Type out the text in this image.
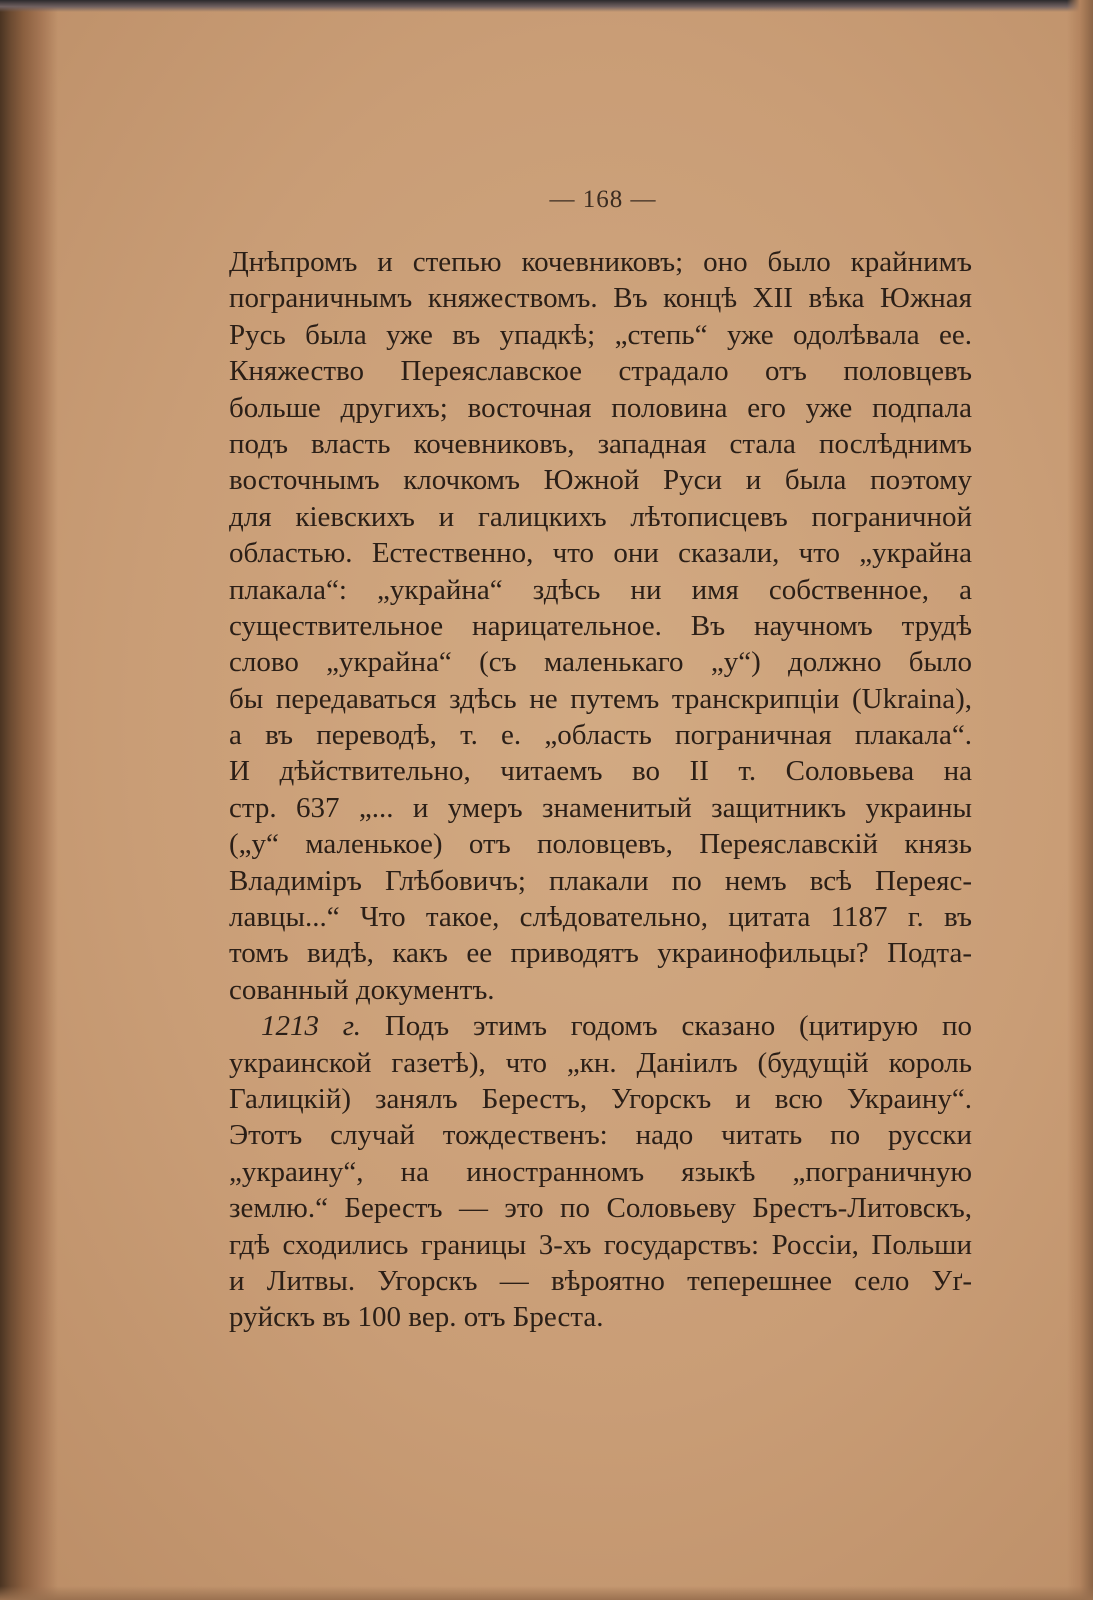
— 168 —
Днѣпромъ и степью кочевниковъ; оно было крайнимъ
пограничнымъ княжествомъ. Въ концѣ XII вѣка Южная
Русь была уже въ упадкѣ; „степь“ уже одолѣвала ее.
Княжество Переяславское страдало отъ половцевъ
больше другихъ; восточная половина его уже подпала
подъ власть кочевниковъ, западная стала послѣднимъ
восточнымъ клочкомъ Южной Руси и была поэтому
для кіевскихъ и галицкихъ лѣтописцевъ пограничной
областью. Естественно, что они сказали, что „украйна
плакала“: „украйна“ здѣсь ни имя собственное, а
существительное нарицательное. Въ научномъ трудѣ
слово „украйна“ (съ маленькаго „у“) должно было
бы передаваться здѣсь не путемъ транскрипціи (Ukraina),
а въ переводѣ, т. е. „область пограничная плакала“.
И дѣйствительно, читаемъ во II т. Соловьева на
стр. 637 „... и умеръ знаменитый защитникъ украины
(„у“ маленькое) отъ половцевъ, Переяславскій князь
Владиміръ Глѣбовичъ; плакали по немъ всѣ Переяс-
лавцы...“ Что такое, слѣдовательно, цитата 1187 г. въ
томъ видѣ, какъ ее приводятъ украинофильцы? Подта-
сованный документъ.
1213 г. Подъ этимъ годомъ сказано (цитирую по
украинской газетѣ), что „кн. Даніилъ (будущій король
Галицкій) занялъ Берестъ, Угорскъ и всю Украину“.
Этотъ случай тождественъ: надо читать по русски
„украину“, на иностранномъ языкѣ „пограничную
землю.“ Берестъ — это по Соловьеву Брестъ-Литовскъ,
гдѣ сходились границы 3-хъ государствъ: Россіи, Польши
и Литвы. Угорскъ — вѣроятно теперешнее село Уґ-
руйскъ въ 100 вер. отъ Бреста.
